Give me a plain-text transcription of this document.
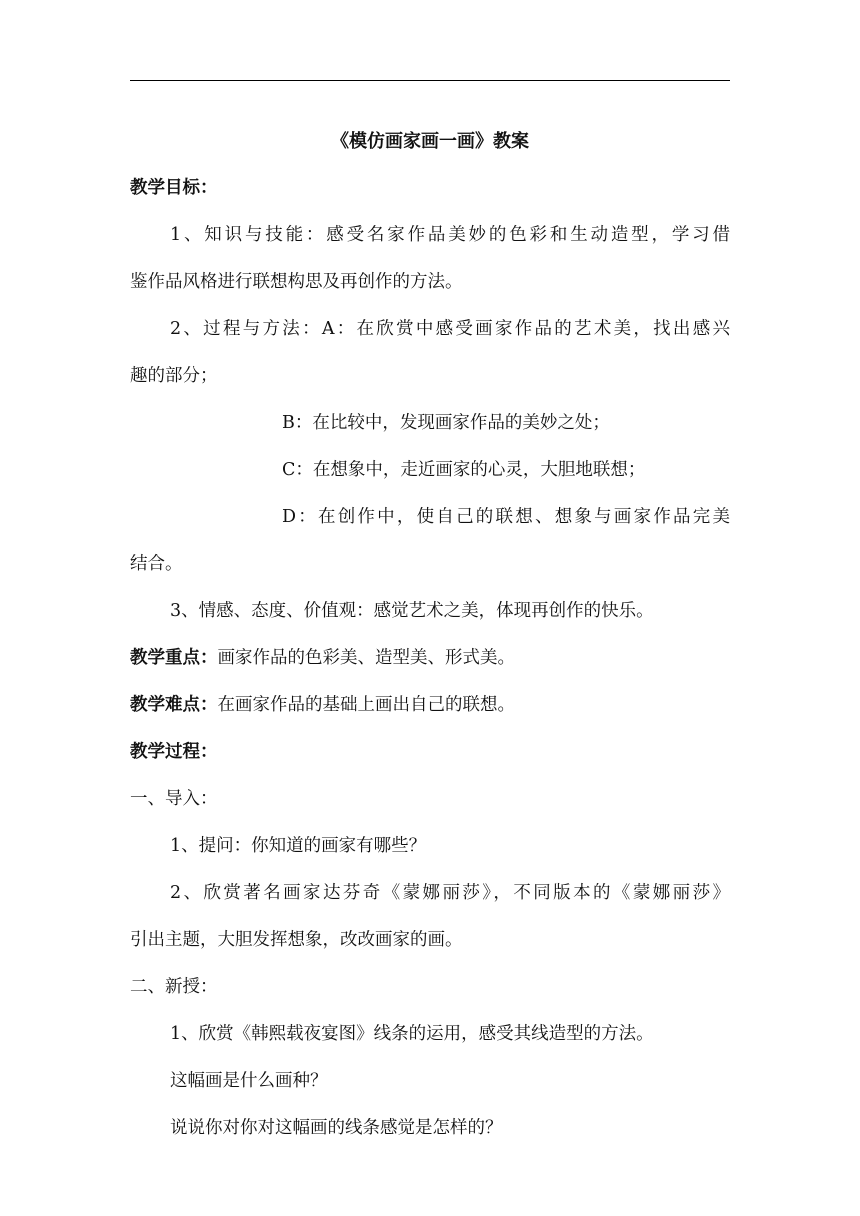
《模仿画家画一画》教案
教学目标：
1、知识与技能：感受名家作品美妙的色彩和生动造型，学习借
鉴作品风格进行联想构思及再创作的方法。
2、过程与方法：A：在欣赏中感受画家作品的艺术美，找出感兴
趣的部分；
B：在比较中，发现画家作品的美妙之处；
C：在想象中，走近画家的心灵，大胆地联想；
D：在创作中，使自己的联想、想象与画家作品完美
结合。
3、情感、态度、价值观：感觉艺术之美，体现再创作的快乐。
教学重点：画家作品的色彩美、造型美、形式美。
教学难点：在画家作品的基础上画出自己的联想。
教学过程：
一、导入：
1、提问：你知道的画家有哪些？
2、欣赏著名画家达芬奇《蒙娜丽莎》，不同版本的《蒙娜丽莎》
引出主题，大胆发挥想象，改改画家的画。
二、新授：
1、欣赏《韩熙载夜宴图》线条的运用，感受其线造型的方法。
这幅画是什么画种？
说说你对你对这幅画的线条感觉是怎样的？
